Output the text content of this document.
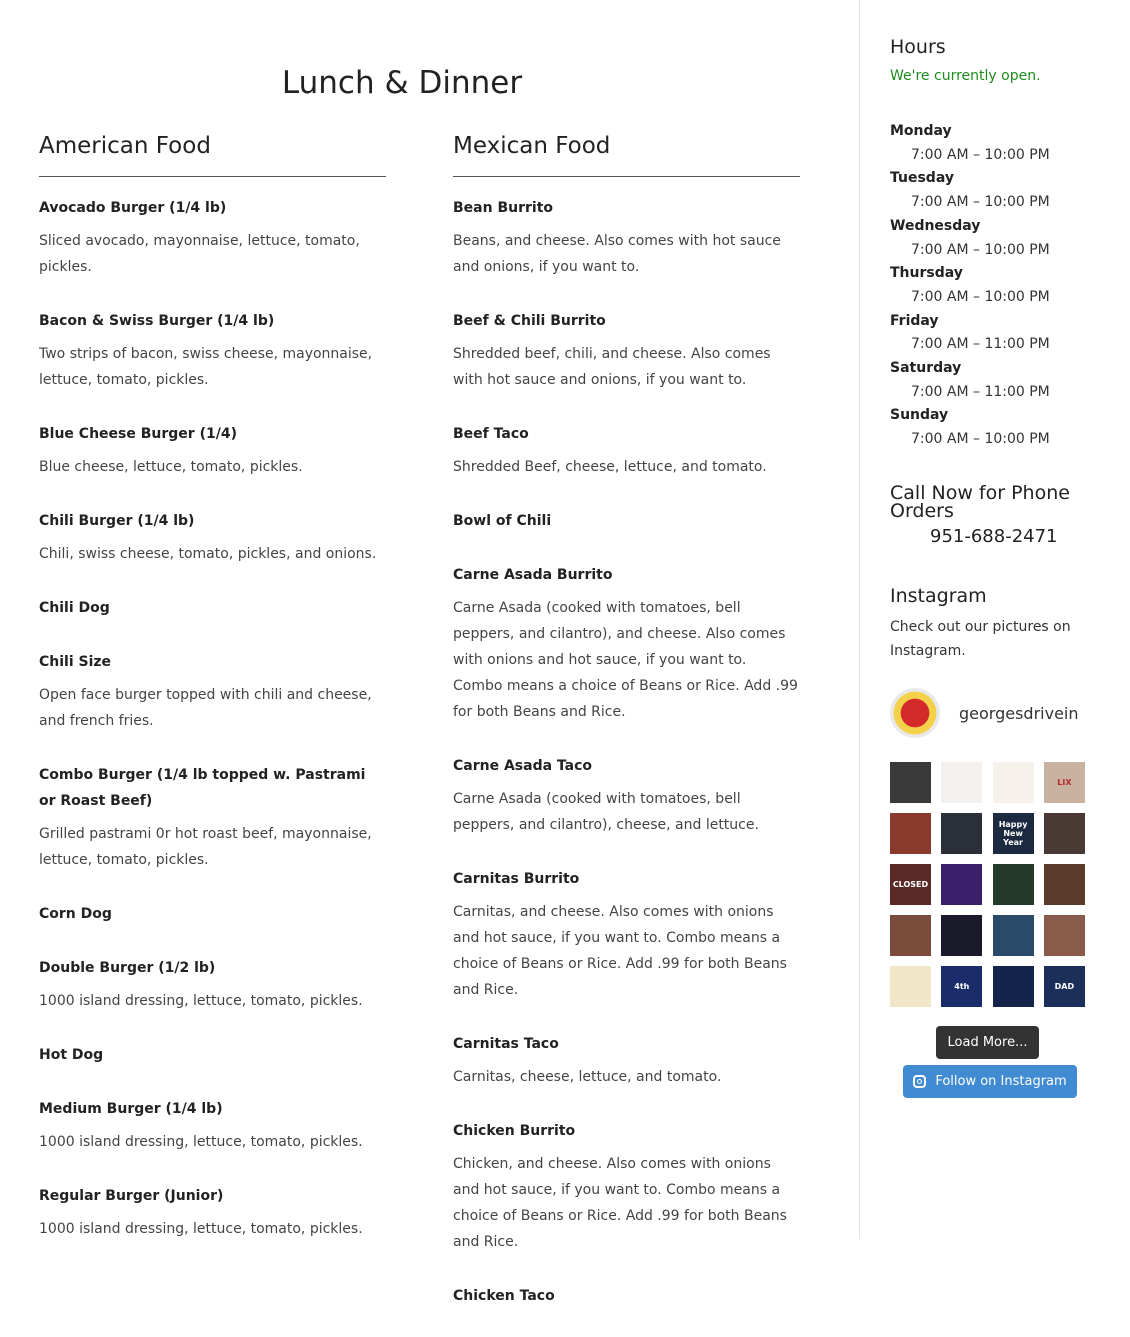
Lunch & Dinner
American Food
Avocado Burger (1/4 lb)
Sliced avocado, mayonnaise, lettuce, tomato, pickles.
Bacon & Swiss Burger (1/4 lb)
Two strips of bacon, swiss cheese, mayonnaise, lettuce, tomato, pickles.
Blue Cheese Burger (1/4)
Blue cheese, lettuce, tomato, pickles.
Chili Burger (1/4 lb)
Chili, swiss cheese, tomato, pickles, and onions.
Chili Dog
Chili Size
Open face burger topped with chili and cheese, and french fries.
Combo Burger (1/4 lb topped w. Pastrami or Roast Beef)
Grilled pastrami 0r hot roast beef, mayonnaise, lettuce, tomato, pickles.
Corn Dog
Double Burger (1/2 lb)
1000 island dressing, lettuce, tomato, pickles.
Hot Dog
Medium Burger (1/4 lb)
1000 island dressing, lettuce, tomato, pickles.
Regular Burger (Junior)
1000 island dressing, lettuce, tomato, pickles.
Mexican Food
Bean Burrito
Beans, and cheese. Also comes with hot sauce and onions, if you want to.
Beef & Chili Burrito
Shredded beef, chili, and cheese. Also comes with hot sauce and onions, if you want to.
Beef Taco
Shredded Beef, cheese, lettuce, and tomato.
Bowl of Chili
Carne Asada Burrito
Carne Asada (cooked with tomatoes, bell peppers, and cilantro), and cheese. Also comes with onions and hot sauce, if you want to. Combo means a choice of Beans or Rice. Add .99 for both Beans and Rice.
Carne Asada Taco
Carne Asada (cooked with tomatoes, bell peppers, and cilantro), cheese, and lettuce.
Carnitas Burrito
Carnitas, and cheese. Also comes with onions and hot sauce, if you want to. Combo means a choice of Beans or Rice. Add .99 for both Beans and Rice.
Carnitas Taco
Carnitas, cheese, lettuce, and tomato.
Chicken Burrito
Chicken, and cheese. Also comes with onions and hot sauce, if you want to. Combo means a choice of Beans or Rice. Add .99 for both Beans and Rice.
Chicken Taco
Hours
We're currently open.
Monday
7:00 AM – 10:00 PM
Tuesday
7:00 AM – 10:00 PM
Wednesday
7:00 AM – 10:00 PM
Thursday
7:00 AM – 10:00 PM
Friday
7:00 AM – 11:00 PM
Saturday
7:00 AM – 11:00 PM
Sunday
7:00 AM – 10:00 PM
Call Now for Phone Orders
951-688-2471
Instagram

Check out our pictures on Instagram.

georgesdrivein
LIX
Happy New Year
CLOSED
4th	DAD
Load More...
Follow on Instagram
